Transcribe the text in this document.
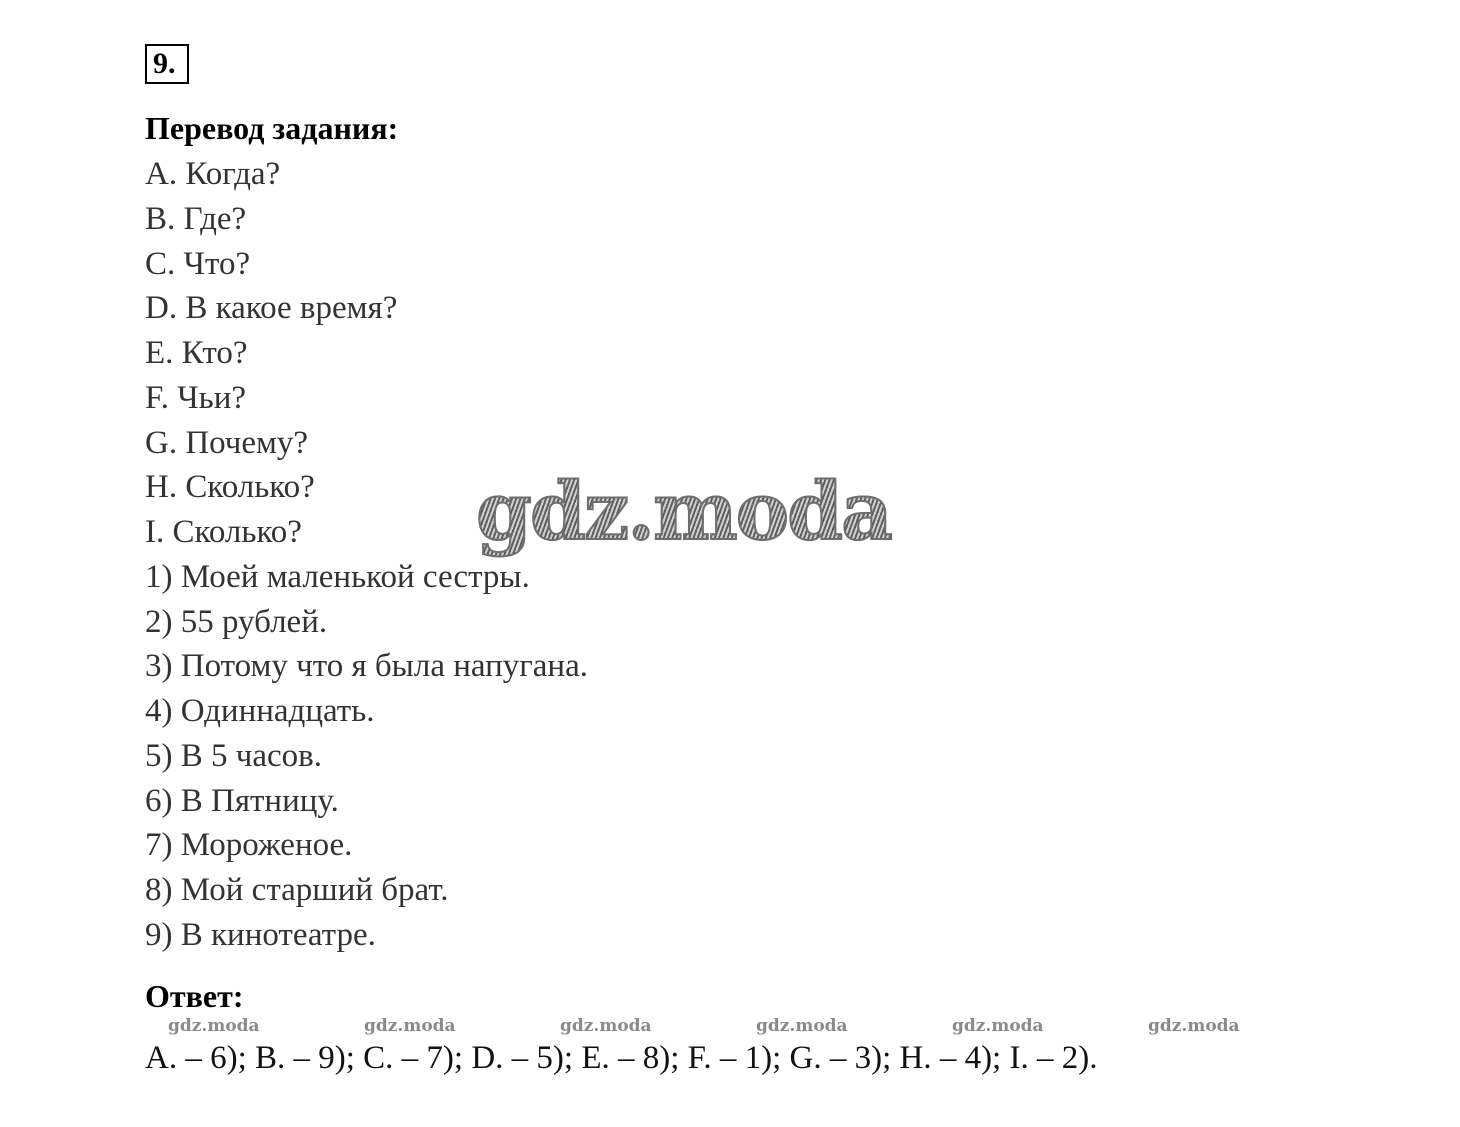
9.
Перевод задания:
A. Когда?
B. Где?
C. Что?
D. В какое время?
E. Кто?
F. Чьи?
G. Почему?
H. Сколько?
I. Сколько?
1) Моей маленькой сестры.
2) 55 рублей.
3) Потому что я была напугана.
4) Одиннадцать.
5) В 5 часов.
6) В Пятницу.
7) Мороженое.
8) Мой старший брат.
9) В кинотеатре.
Ответ:
gdz.moda	gdz.moda	gdz.moda	gdz.moda	gdz.moda	gdz.moda
A. – 6); B. – 9); C. – 7); D. – 5); E. – 8); F. – 1); G. – 3); H. – 4); I. – 2).
gdz.moda
